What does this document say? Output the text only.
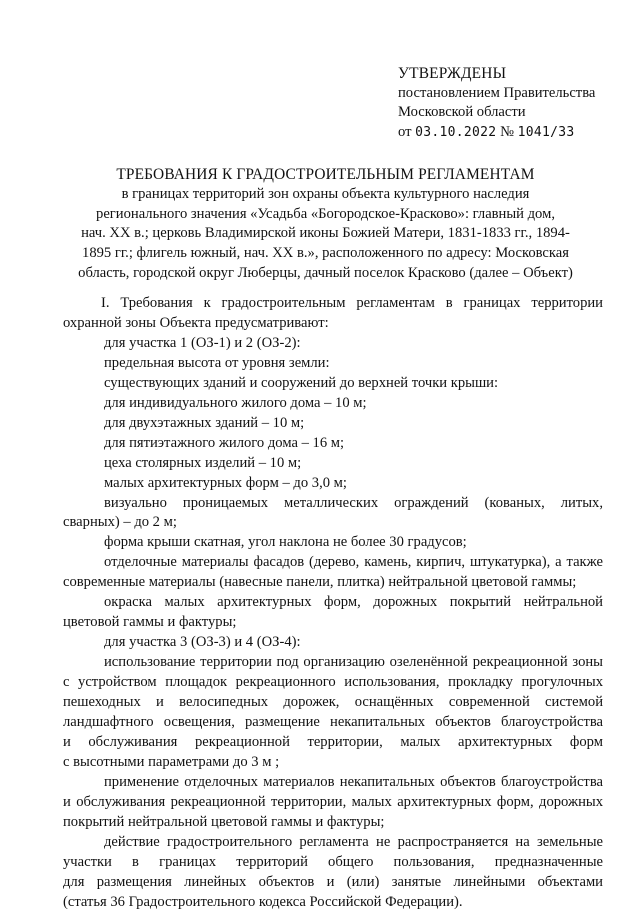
УТВЕРЖДЕНЫ
постановлением Правительства
Московской области
от 03.10.2022 № 1041/33
ТРЕБОВАНИЯ К ГРАДОСТРОИТЕЛЬНЫМ РЕГЛАМЕНТАМ
в границах территорий зон охраны объекта культурного наследия
регионального значения «Усадьба «Богородское-Красково»: главный дом,
нач. XX в.; церковь Владимирской иконы Божией Матери, 1831-1833 гг., 1894-
1895 гг.; флигель южный, нач. XX в.», расположенного по адресу: Московская
область, городской округ Люберцы, дачный поселок Красково (далее – Объект)

I. Требования к градостроительным регламентам в границах территории

охранной зоны Объекта предусматривают:

для участка 1 (ОЗ-1) и 2 (ОЗ-2):

предельная высота от уровня земли:

существующих зданий и сооружений до верхней точки крыши:

для индивидуального жилого дома – 10 м;

для двухэтажных зданий – 10 м;

для пятиэтажного жилого дома – 16 м;

цеха столярных изделий – 10 м;

малых архитектурных форм – до 3,0 м;

визуально проницаемых металлических ограждений (кованых, литых,

сварных) – до 2 м;

форма крыши скатная, угол наклона не более 30 градусов;

отделочные материалы фасадов (дерево, камень, кирпич, штукатурка), а также

современные материалы (навесные панели, плитка) нейтральной цветовой гаммы;

окраска малых архитектурных форм, дорожных покрытий нейтральной

цветовой гаммы и фактуры;

для участка 3 (ОЗ-3) и 4 (ОЗ-4):

использование территории под организацию озеленённой рекреационной зоны

с устройством площадок рекреационного использования, прокладку прогулочных

пешеходных и велосипедных дорожек, оснащённых современной системой

ландшафтного освещения, размещение некапитальных объектов благоустройства

и обслуживания рекреационной территории, малых архитектурных форм

с высотными параметрами до 3 м ;

применение отделочных материалов некапитальных объектов благоустройства

и обслуживания рекреационной территории, малых архитектурных форм, дорожных

покрытий нейтральной цветовой гаммы и фактуры;

действие градостроительного регламента не распространяется на земельные

участки в границах территорий общего пользования, предназначенные

для размещения линейных объектов и (или) занятые линейными объектами

(статья 36 Градостроительного кодекса Российской Федерации).
